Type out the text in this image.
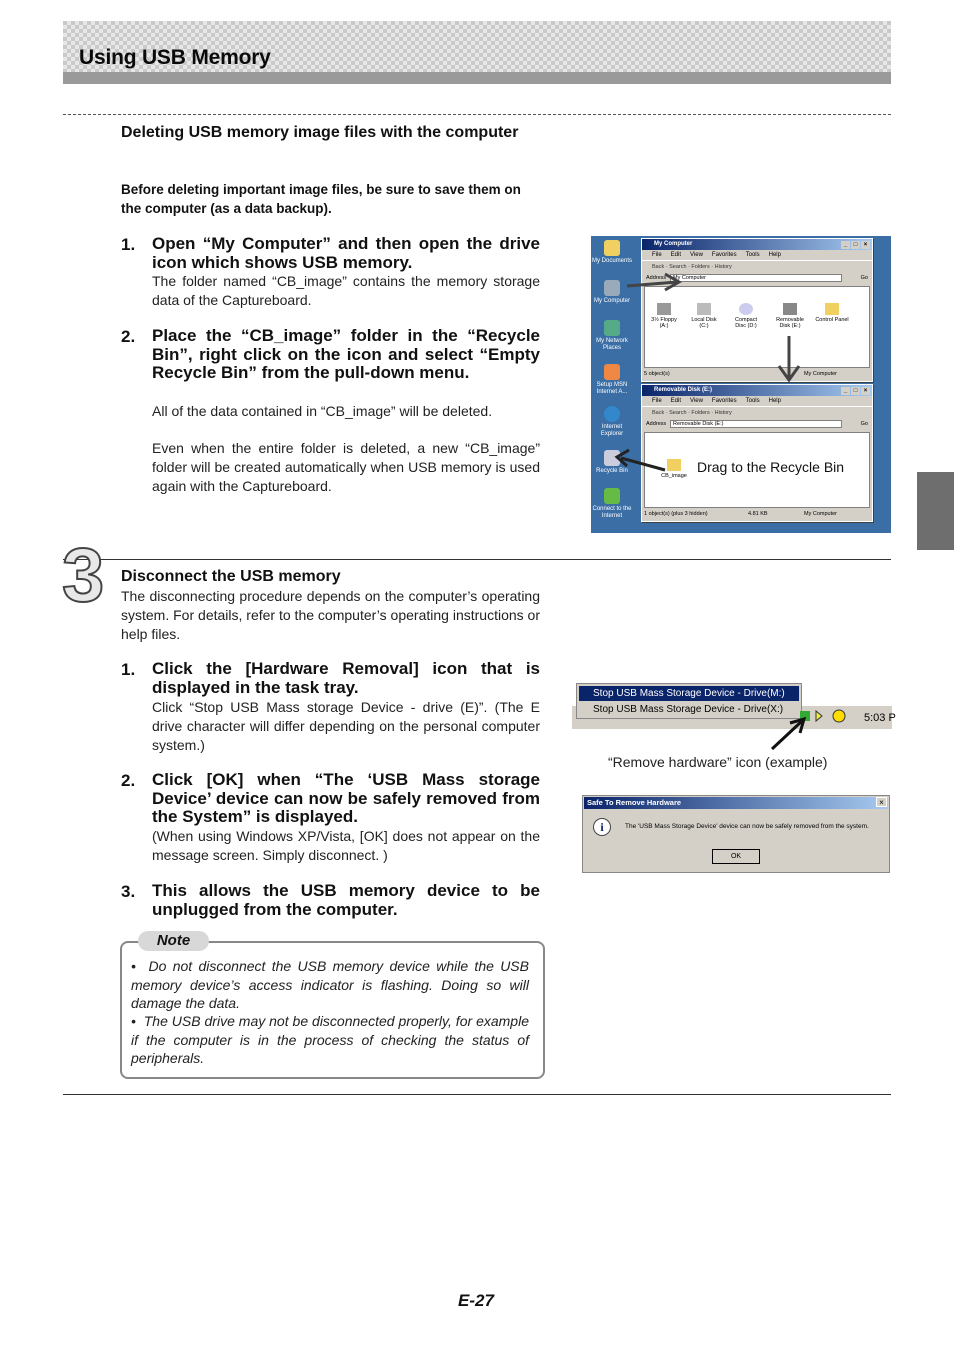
Using USB Memory
Deleting USB memory image files with the computer
Before deleting important image files, be sure to save them on the computer (as a data backup).
1. Open “My Computer” and then open the drive icon which shows USB memory.
The folder named “CB_image” contains the memory storage data of the Captureboard.
2. Place the “CB_image” folder in the “Recycle Bin”, right click on the icon and select “Empty Recycle Bin” from the pull-down menu.
All of the data contained in “CB_image” will be deleted.
Even when the entire folder is deleted, a new “CB_image” folder will be created automatically when USB memory is used again with the Captureboard.
My Documents
My Computer
My Network Places
Setup MSN Internet A...
Internet Explorer
Recycle Bin
Connect to the Internet
My Computer	_ □ ×
File Edit View Favorites Tools Help
Back · Search · Folders · History
Address	My Computer	Go
3½ Floppy (A:)
Local Disk (C:)
Compact Disc (D:)
Removable Disk (E:)
Control Panel
5 object(s)	My Computer
Removable Disk (E:)	_ □ ×
File Edit View Favorites Tools Help
Back · Search · Folders · History
Address	Removable Disk (E:)	Go
CB_image
1 object(s) (plus 3 hidden)	4.81 KB	My Computer
Drag to the Recycle Bin
3 Disconnect the USB memory
The disconnecting procedure depends on the computer’s operating system. For details, refer to the computer’s operating instructions or help files.
1. Click the [Hardware Removal] icon that is displayed in the task tray.
Click “Stop USB Mass storage Device - drive (E)”. (The E drive character will differ depending on the personal computer system.)
2. Click [OK] when “The ‘USB Mass storage Device’ device can now be safely removed from the System” is displayed.
(When using Windows XP/Vista, [OK] does not appear on the message screen. Simply disconnect. )
3. This allows the USB memory device to be unplugged from the computer.
Stop USB Mass Storage Device - Drive(M:)
Stop USB Mass Storage Device - Drive(X:)
5:03 P
“Remove hardware” icon (example)
Safe To Remove Hardware	×
i	The 'USB Mass Storage Device' device can now be safely removed from the system.
OK
Note
•  Do not disconnect the USB memory device while the USB memory device’s access indicator is flashing. Doing so will damage the data.
•  The USB drive may not be disconnected properly, for example if the computer is in the process of checking the status of peripherals.
E-27
